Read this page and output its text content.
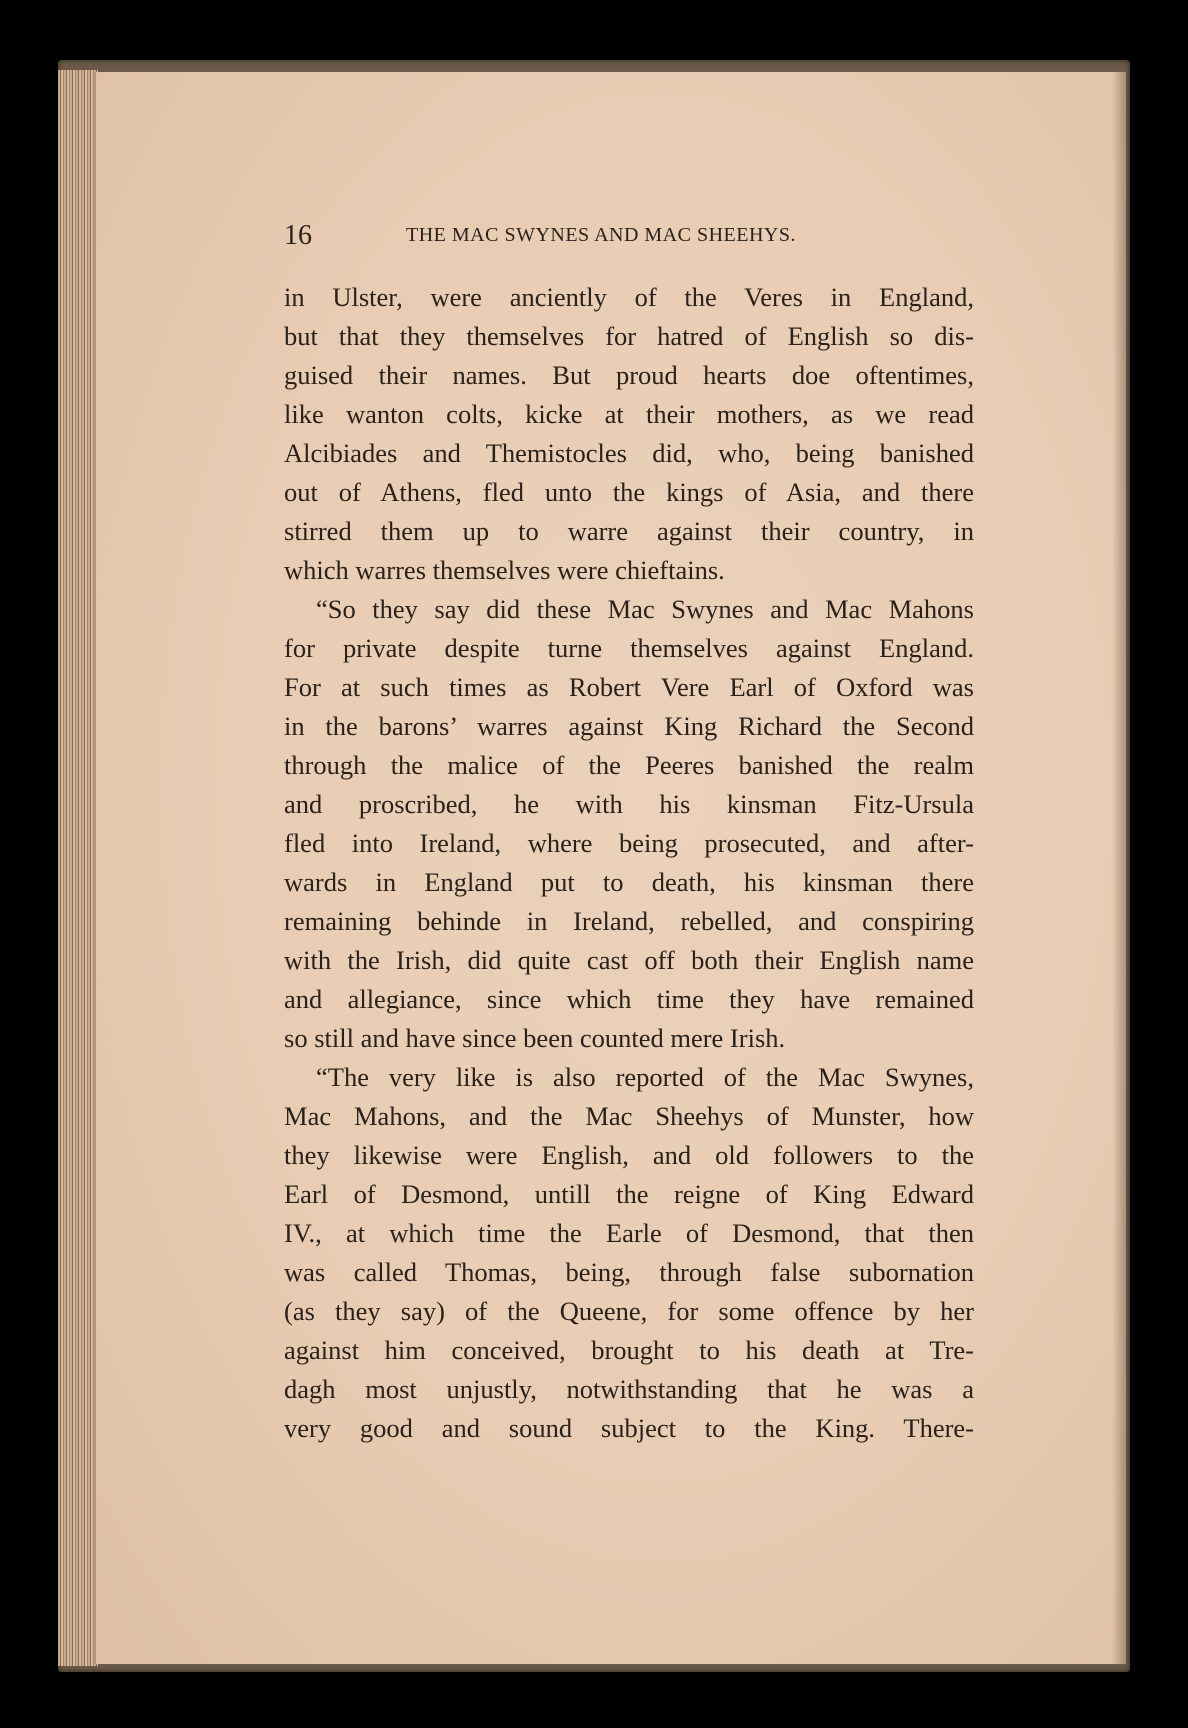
16	THE MAC SWYNES AND MAC SHEEHYS.
in Ulster, were anciently of the Veres in England,
but that they themselves for hatred of English so dis-
guised their names. But proud hearts doe oftentimes,
like wanton colts, kicke at their mothers, as we read
Alcibiades and Themistocles did, who, being banished
out of Athens, fled unto the kings of Asia, and there
stirred them up to warre against their country, in
which warres themselves were chieftains.
“So they say did these Mac Swynes and Mac Mahons
for private despite turne themselves against England.
For at such times as Robert Vere Earl of Oxford was
in the barons’ warres against King Richard the Second
through the malice of the Peeres banished the realm
and proscribed, he with his kinsman Fitz-Ursula
fled into Ireland, where being prosecuted, and after-
wards in England put to death, his kinsman there
remaining behinde in Ireland, rebelled, and conspiring
with the Irish, did quite cast off both their English name
and allegiance, since which time they have remained
so still and have since been counted mere Irish.
“The very like is also reported of the Mac Swynes,
Mac Mahons, and the Mac Sheehys of Munster, how
they likewise were English, and old followers to the
Earl of Desmond, untill the reigne of King Edward
IV., at which time the Earle of Desmond, that then
was called Thomas, being, through false subornation
(as they say) of the Queene, for some offence by her
against him conceived, brought to his death at Tre-
dagh most unjustly, notwithstanding that he was a
very good and sound subject to the King. There-
